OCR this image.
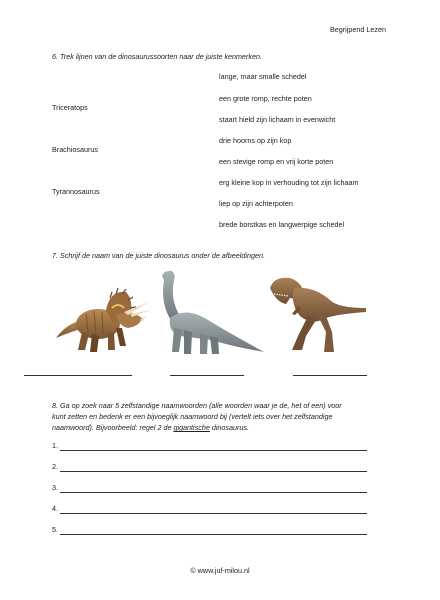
Begrijpend Lezen
6. Trek lijnen van de dinosaurussoorten naar de juiste kenmerken.
Triceratops
Brachiosaurus
Tyrannosaurus
lange, maar smalle schedel
een grote romp, rechte poten
staart hield zijn lichaam in evenwicht
drie hoorns op zijn kop
een stevige romp en vrij korte poten
erg kleine kop in verhouding tot zijn lichaam
liep op zijn achterpoten
brede borstkas en langwerpige schedel
7. Schrijf de naam van de juiste dinosaurus onder de afbeeldingen.
8. Ga op zoek naar 5 zelfstandige naamwoorden (alle woorden waar je de, het of een) voor
kunt zetten en bedenk er een bijvoeglijk naamwoord bij (vertelt iets over het zelfstandige
naamwoord). Bijvoorbeeld: regel 2 de gigantische dinosaurus.
1.
2.
3.
4.
5.
© www.juf-milou.nl
